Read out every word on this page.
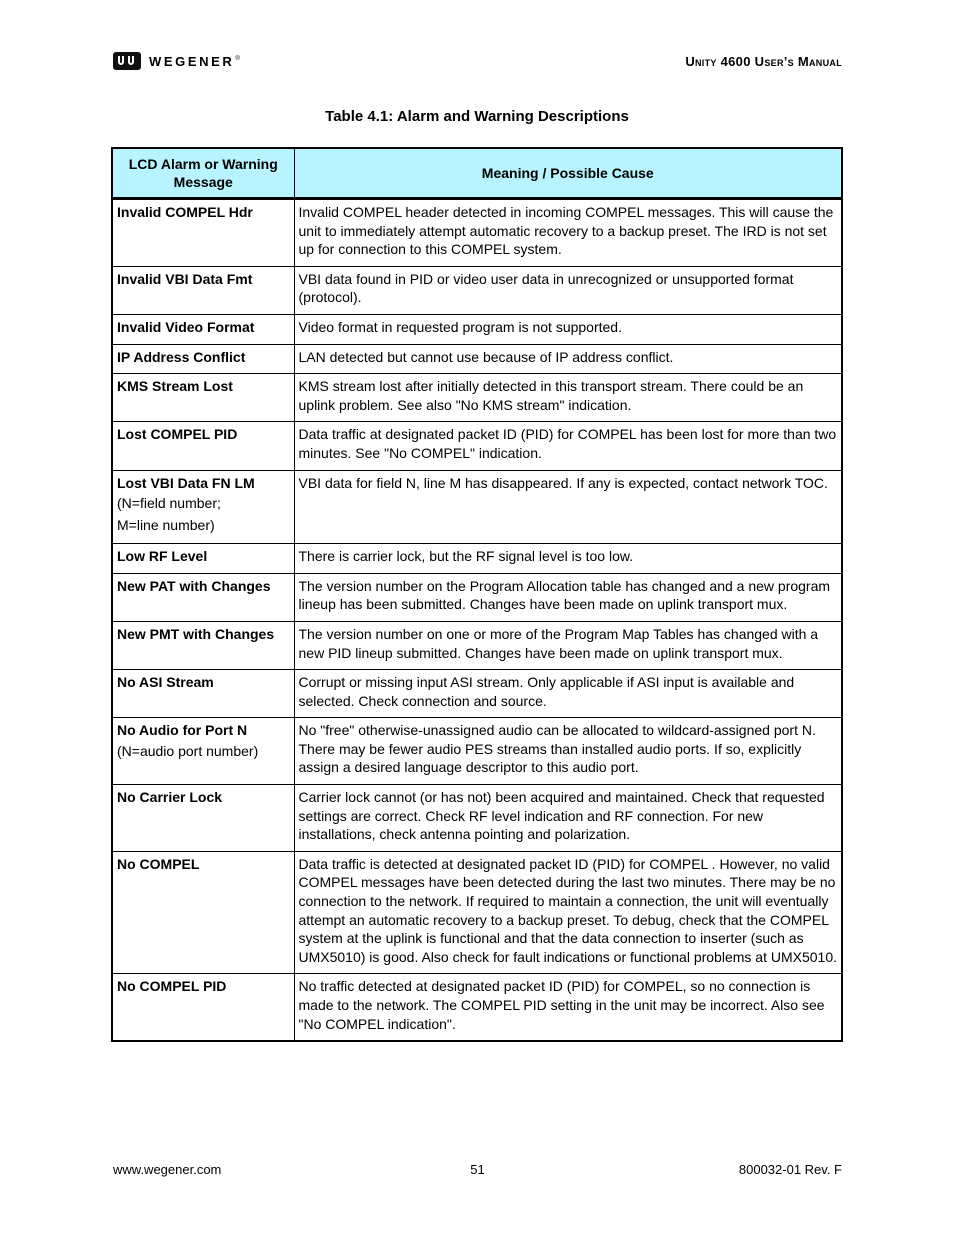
WEGENER®	Unity 4600 User’s Manual
Table 4.1: Alarm and Warning Descriptions
LCD Alarm or Warning Message	Meaning / Possible Cause

Invalid COMPEL Hdr	Invalid COMPEL header detected in incoming COMPEL messages. This will cause the unit to immediately attempt automatic recovery to a backup preset. The IRD is not set up for connection to this COMPEL system.

Invalid VBI Data Fmt	VBI data found in PID or video user data in unrecognized or unsupported format (protocol).

Invalid Video Format	Video format in requested program is not supported.

IP Address Conflict	LAN detected but cannot use because of IP address conflict.

KMS Stream Lost	KMS stream lost after initially detected in this transport stream. There could be an uplink problem. See also "No KMS stream" indication.

Lost COMPEL PID	Data traffic at designated packet ID (PID) for COMPEL has been lost for more than two minutes. See "No COMPEL" indication.

Lost VBI Data FN LM
(N=field number;
M=line number)	VBI data for field N, line M has disappeared. If any is expected, contact network TOC.

Low RF Level	There is carrier lock, but the RF signal level is too low.

New PAT with Changes	The version number on the Program Allocation table has changed and a new program lineup has been submitted. Changes have been made on uplink transport mux.

New PMT with Changes	The version number on one or more of the Program Map Tables has changed with a new PID lineup submitted. Changes have been made on uplink transport mux.

No ASI Stream	Corrupt or missing input ASI stream. Only applicable if ASI input is available and selected. Check connection and source.

No Audio for Port N
(N=audio port number)	No "free" otherwise-unassigned audio can be allocated to wildcard-assigned port N. There may be fewer audio PES streams than installed audio ports. If so, explicitly assign a desired language descriptor to this audio port.

No Carrier Lock	Carrier lock cannot (or has not) been acquired and maintained. Check that requested settings are correct. Check RF level indication and RF connection. For new installations, check antenna pointing and polarization.

No COMPEL	Data traffic is detected at designated packet ID (PID) for COMPEL . However, no valid COMPEL messages have been detected during the last two minutes. There may be no connection to the network. If required to maintain a connection, the unit will eventually attempt an automatic recovery to a backup preset. To debug, check that the COMPEL system at the uplink is functional and that the data connection to inserter (such as UMX5010) is good. Also check for fault indications or functional problems at UMX5010.

No COMPEL PID	No traffic detected at designated packet ID (PID) for COMPEL, so no connection is made to the network. The COMPEL PID setting in the unit may be incorrect. Also see "No COMPEL indication".
www.wegener.com	51	800032-01 Rev. F
